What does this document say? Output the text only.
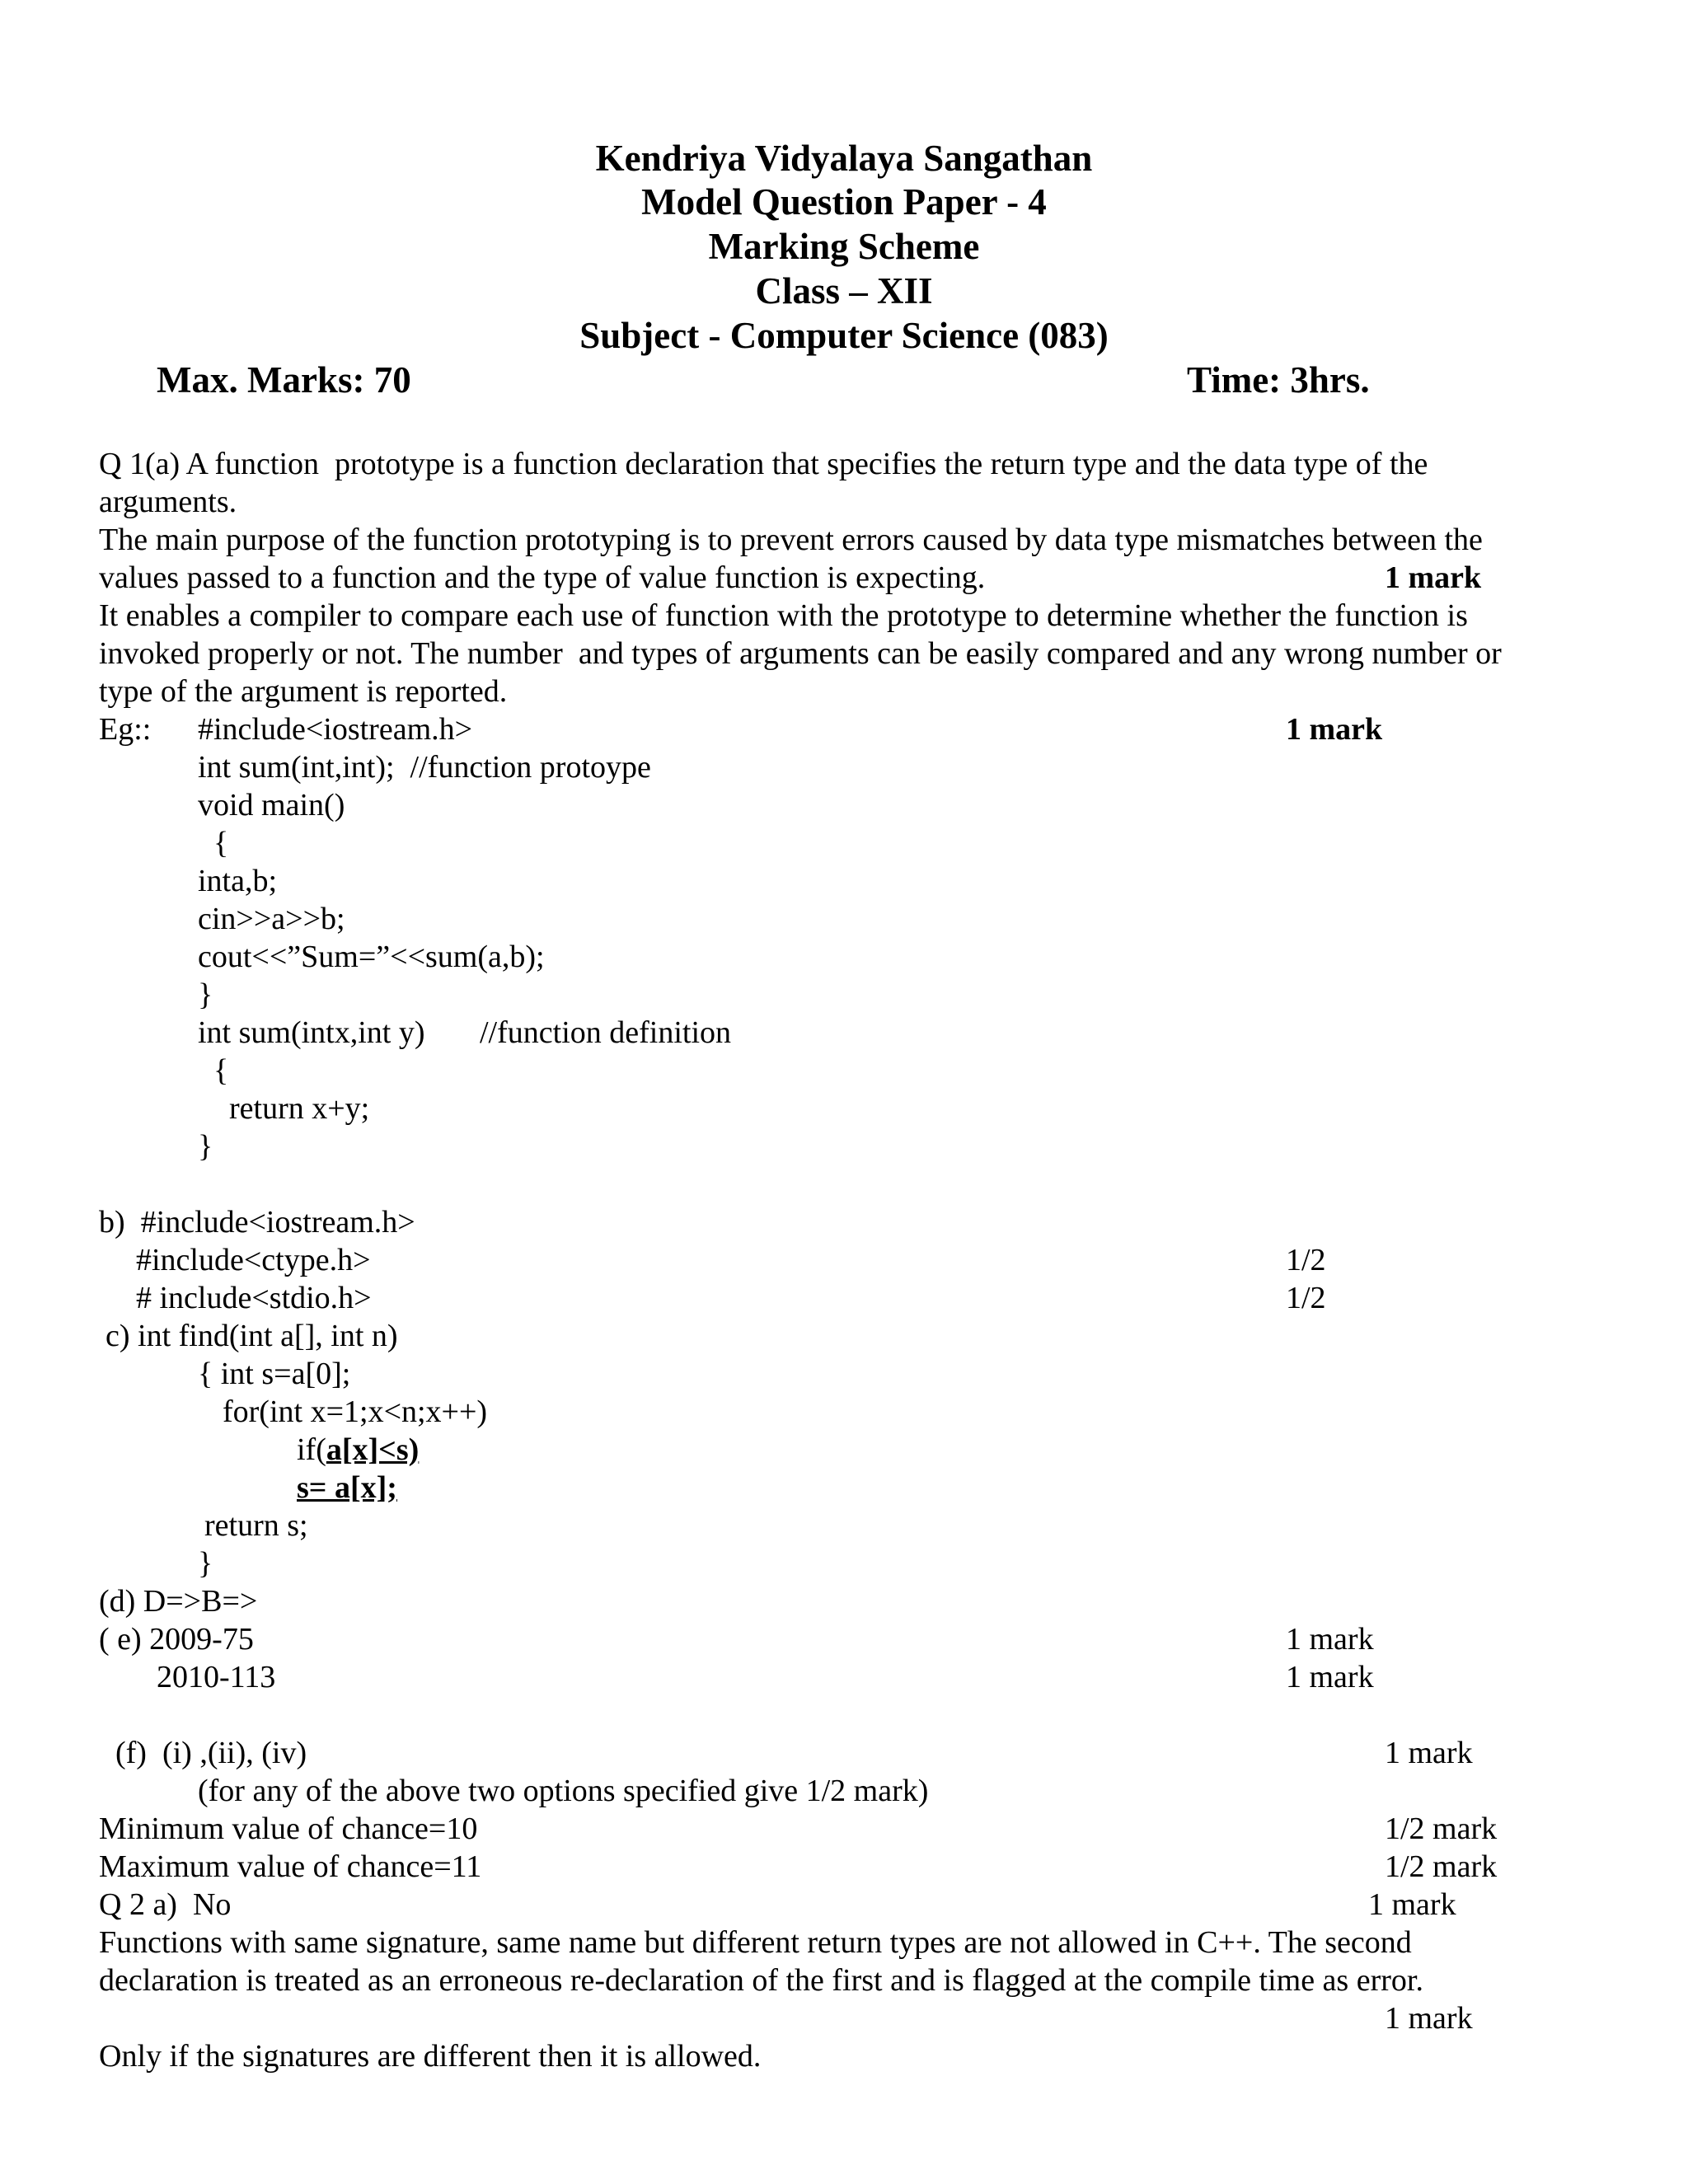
Kendriya Vidyalaya Sangathan
Model Question Paper - 4
Marking Scheme
Class – XII
Subject - Computer Science (083)
Max. Marks: 70	Time: 3hrs.
Q 1(a) A function  prototype is a function declaration that specifies the return type and the data type of the
arguments.
The main purpose of the function prototyping is to prevent errors caused by data type mismatches between the
values passed to a function and the type of value function is expecting.	1 mark
It enables a compiler to compare each use of function with the prototype to determine whether the function is
invoked properly or not. The number  and types of arguments can be easily compared and any wrong number or
type of the argument is reported.
Eg:: #include<iostream.h>	1 mark
int sum(int,int);  //function protoype
void main()
{
inta,b;
cin>>a>>b;
cout<<”Sum=”<<sum(a,b);
}
int sum(intx,int y)       //function definition
{
return x+y;
}
b)  #include<iostream.h>
#include<ctype.h>	1/2
# include<stdio.h>	1/2
c) int find(int a[], int n)
{ int s=a[0];
for(int x=1;x<n;x++)
if(a[x]<s)
s= a[x];
return s;
}
(d) D=>B=>
( e) 2009-75	1 mark
2010-113	1 mark
(f)  (i) ,(ii), (iv)	1 mark
(for any of the above two options specified give 1/2 mark)
Minimum value of chance=10	1/2 mark
Maximum value of chance=11	1/2 mark
Q 2 a)  No	1 mark
Functions with same signature, same name but different return types are not allowed in C++. The second
declaration is treated as an erroneous re-declaration of the first and is flagged at the compile time as error.
1 mark
Only if the signatures are different then it is allowed.
